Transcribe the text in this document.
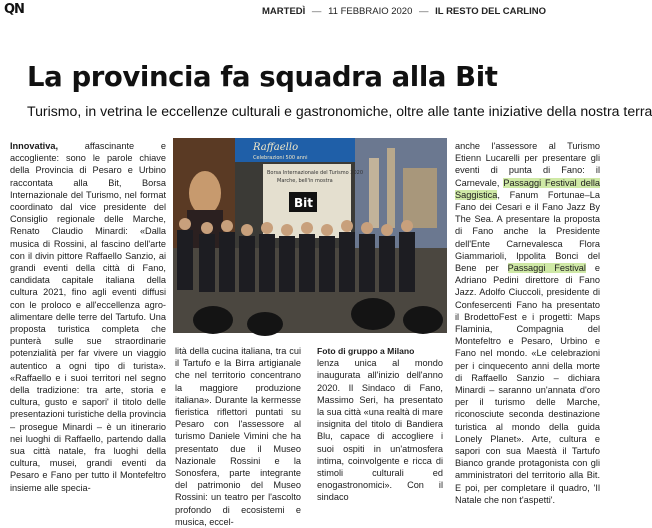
QN	MARTEDÌ — 11 FEBBRAIO 2020 — IL RESTO DEL CARLINO
La provincia fa squadra alla Bit
Turismo, in vetrina le eccellenze culturali e gastronomiche, oltre alle tante iniziative della nostra terra

Innovativa, affascinante e accogliente: sono le parole chiave della Provincia di Pesaro e Urbino raccontata alla Bit, Borsa Internazionale del Turismo, nel format coordinato dal vice presidente del Consiglio regionale delle Marche, Renato Claudio Minardi: «Dalla musica di Rossini, al fascino dell'arte con il divin pittore Raffaello Sanzio, ai grandi eventi della città di Fano, candidata capitale italiana della cultura 2021, fino agli eventi diffusi con le proloco e all'eccellenza agro-alimentare delle terre del Tartufo. Una proposta turistica completa che punterà sulle sue straordinarie potenzialità per far vivere un viaggio autentico a ogni tipo di turista». «Raffaello e i suoi territori nel segno della tradizione: tra arte, storia e cultura, gusto e sapori' il titolo delle presentazioni turistiche della provincia – prosegue Minardi – è un itinerario nei luoghi di Raffaello, partendo dalla sua città natale, fra luoghi della cultura, musei, grandi eventi da Pesaro e Fano per tutto il Montefeltro insieme alle specia-

Raffaello
Celebrazioni 500 anni
Borsa Internazionale del Turismo 2020
Marche, bell'in mostra
Bit

lità della cucina italiana, tra cui il Tartufo e la Birra artigianale che nel territorio concentrano la maggiore produzione italiana». Durante la kermesse fieristica riflettori puntati su Pesaro con l'assessore al turismo Daniele Vimini che ha presentato due il Museo Nazionale Rossini e la Sonosfera, parte integrante del patrimonio del Museo Rossini: un teatro per l'ascolto profondo di ecosistemi e musica, eccel-

Foto di gruppo a Milano

lenza unica al mondo inaugurata all'inizio dell'anno 2020. Il Sindaco di Fano, Massimo Seri, ha presentato la sua città «una realtà di mare insignita del titolo di Bandiera Blu, capace di accogliere i suoi ospiti in un'atmosfera intima, coinvolgente e ricca di stimoli culturali ed enogastronomici». Con il sindaco

anche l'assessore al Turismo Etienn Lucarelli per presentare gli eventi di punta di Fano: il Carnevale, Passaggi Festival della Saggistica, Fanum Fortunae–La Fano dei Cesari e il Fano Jazz By The Sea. A presentare la proposta di Fano anche la Presidente dell'Ente Carnevalesca Flora Giammarioli, Ippolita Bonci del Bene per Passaggi Festival e Adriano Pedini direttore di Fano Jazz. Adolfo Ciuccoli, presidente di Confesercenti Fano ha presentato il BrodettoFest e i progetti: Maps Flaminia, Compagnia del Montefeltro e Pesaro, Urbino e Fano nel mondo. «Le celebrazioni per i cinquecento anni della morte di Raffaello Sanzio – dichiara Minardi – saranno un'annata d'oro per il turismo delle Marche, riconosciute seconda destinazione turistica al mondo della guida Lonely Planet». Arte, cultura e sapori con sua Maestà il Tartufo Bianco grande protagonista con gli amministratori del territorio alla Bit. E poi, per completare il quadro, 'Il Natale che non t'aspetti'.
